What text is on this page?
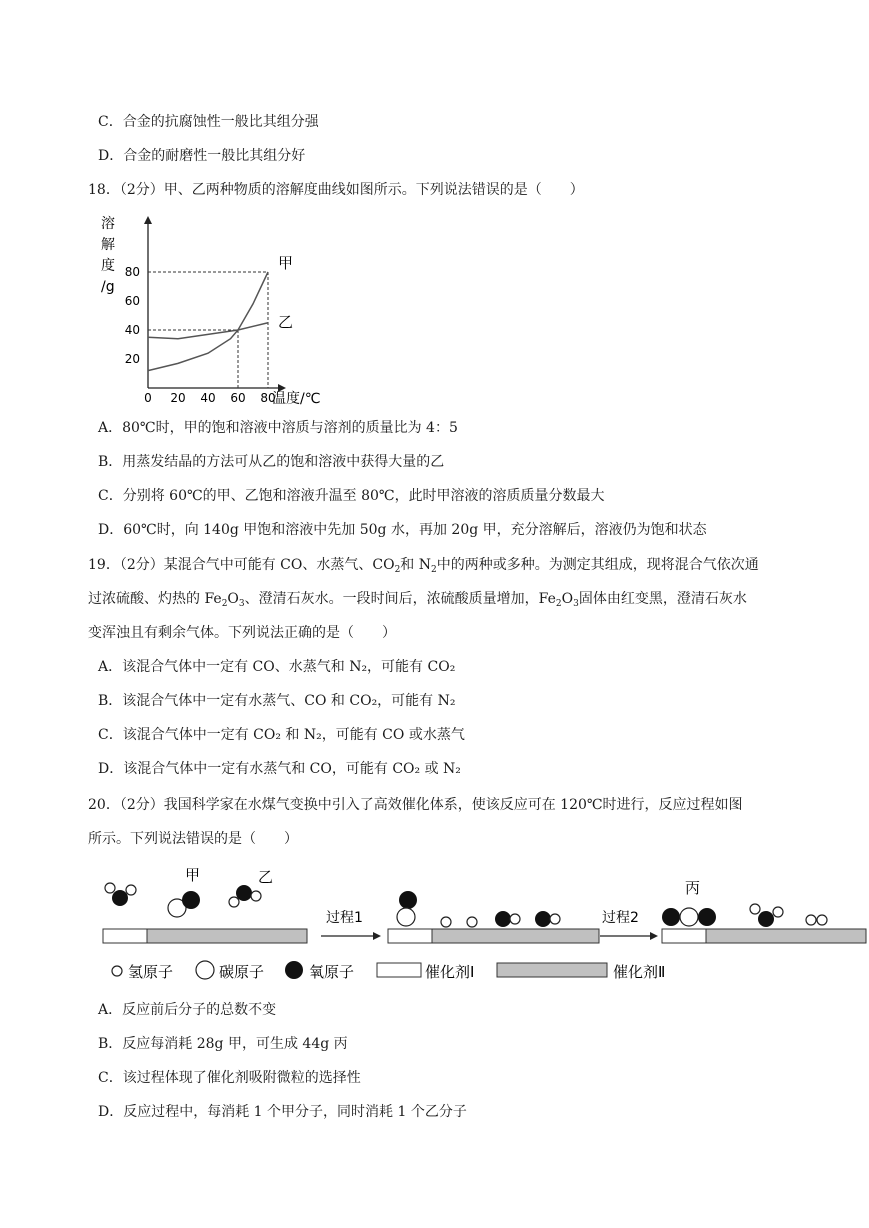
C．合金的抗腐蚀性一般比其组分强
D．合金的耐磨性一般比其组分好
18．（2分）甲、乙两种物质的溶解度曲线如图所示。下列说法错误的是（　　）
溶
解
度
/g
温度/℃
0 20 40 60 80
20
40
60
80	甲
乙
A．80℃时，甲的饱和溶液中溶质与溶剂的质量比为 4：5
B．用蒸发结晶的方法可从乙的饱和溶液中获得大量的乙
C．分别将 60℃的甲、乙饱和溶液升温至 80℃，此时甲溶液的溶质质量分数最大
D．60℃时，向 140g 甲饱和溶液中先加 50g 水，再加 20g 甲，充分溶解后，溶液仍为饱和状态
19．（2分）某混合气中可能有 CO、水蒸气、$CO_2$和 $N_2$中的两种或多种。为测定其组成，现将混合气依次通
过浓硫酸、灼热的 $Fe_2O_3$、澄清石灰水。一段时间后，浓硫酸质量增加，$Fe_2O_3$固体由红变黑，澄清石灰水
变浑浊且有剩余气体。下列说法正确的是（　　）
A．该混合气体中一定有 CO、水蒸气和 N₂，可能有 CO₂
B．该混合气体中一定有水蒸气、CO 和 CO₂，可能有 N₂
C．该混合气体中一定有 CO₂ 和 N₂，可能有 CO 或水蒸气
D．该混合气体中一定有水蒸气和 CO，可能有 CO₂ 或 N₂
20．（2分）我国科学家在水煤气变换中引入了高效催化体系，使该反应可在 120℃时进行，反应过程如图
所示。下列说法错误的是（　　）
甲	乙
过程1	过程2
丙
氢原子	碳原子	氧原子	催化剂Ⅰ	催化剂Ⅱ
A．反应前后分子的总数不变
B．反应每消耗 28g 甲，可生成 44g 丙
C．该过程体现了催化剂吸附微粒的选择性
D．反应过程中，每消耗 1 个甲分子，同时消耗 1 个乙分子
